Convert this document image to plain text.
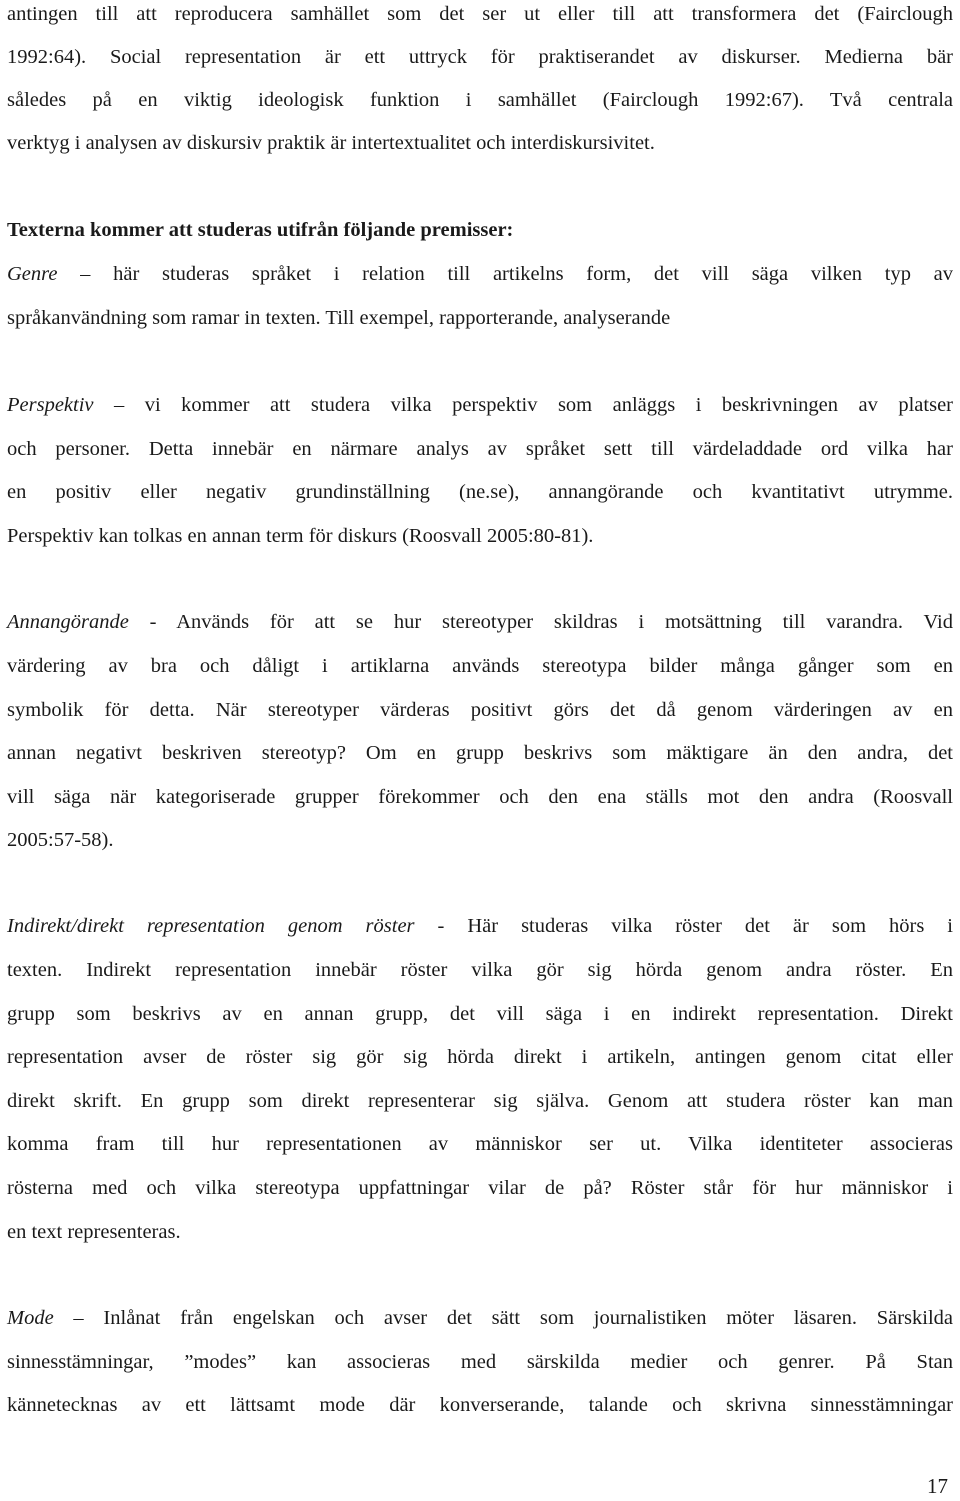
antingen till att reproducera samhället som det ser ut eller till att transformera det (Fairclough
1992:64). Social representation är ett uttryck för praktiserandet av diskurser. Medierna bär
således på en viktig ideologisk funktion i samhället (Fairclough 1992:67). Två centrala
verktyg i analysen av diskursiv praktik är intertextualitet och interdiskursivitet.
Texterna kommer att studeras utifrån följande premisser:
Genre – här studeras språket i relation till artikelns form, det vill säga vilken typ av
språkanvändning som ramar in texten. Till exempel, rapporterande, analyserande
Perspektiv – vi kommer att studera vilka perspektiv som anläggs i beskrivningen av platser
och personer. Detta innebär en närmare analys av språket sett till värdeladdade ord vilka har
en positiv eller negativ grundinställning (ne.se), annangörande och kvantitativt utrymme.
Perspektiv kan tolkas en annan term för diskurs (Roosvall 2005:80-81).
Annangörande - Används för att se hur stereotyper skildras i motsättning till varandra. Vid
värdering av bra och dåligt i artiklarna används stereotypa bilder många gånger som en
symbolik för detta. När stereotyper värderas positivt görs det då genom värderingen av en
annan negativt beskriven stereotyp? Om en grupp beskrivs som mäktigare än den andra, det
vill säga när kategoriserade grupper förekommer och den ena ställs mot den andra (Roosvall
2005:57-58).
Indirekt/direkt representation genom röster - Här studeras vilka röster det är som hörs i
texten. Indirekt representation innebär röster vilka gör sig hörda genom andra röster. En
grupp som beskrivs av en annan grupp, det vill säga i en indirekt representation. Direkt
representation avser de röster sig gör sig hörda direkt i artikeln, antingen genom citat eller
direkt skrift. En grupp som direkt representerar sig själva. Genom att studera röster kan man
komma fram till hur representationen av människor ser ut. Vilka identiteter associeras
rösterna med och vilka stereotypa uppfattningar vilar de på? Röster står för hur människor i
en text representeras.
Mode – Inlånat från engelskan och avser det sätt som journalistiken möter läsaren. Särskilda
sinnesstämningar, ”modes” kan associeras med särskilda medier och genrer. På Stan
kännetecknas av ett lättsamt mode där konverserande, talande och skrivna sinnesstämningar
17
